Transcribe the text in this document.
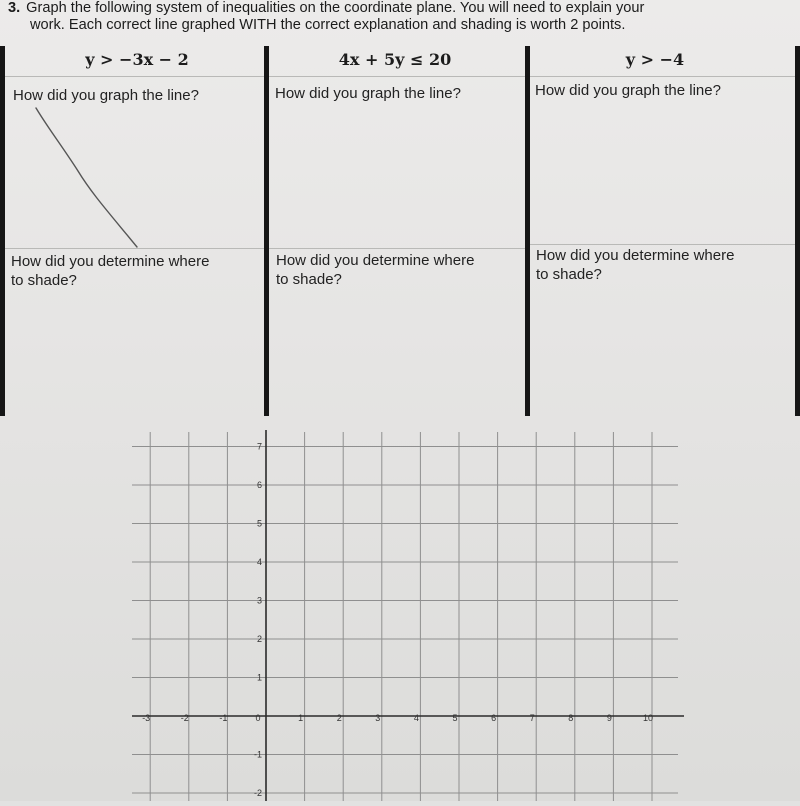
3. Graph the following system of inequalities on the coordinate plane. You will need to explain your
work. Each correct line graphed WITH the correct explanation and shading is worth 2 points.
y > −3x − 2
How did you graph the line?
How did you determine where
to shade?
4x + 5y ≤ 20
How did you graph the line?
How did you determine where
to shade?
y > −4
How did you graph the line?
How did you determine where
to shade?
-3	-2	-1	0	1	2	3	4	5	6	7	8	9	10
7
6
5
4
3
2
1
-1
-2
